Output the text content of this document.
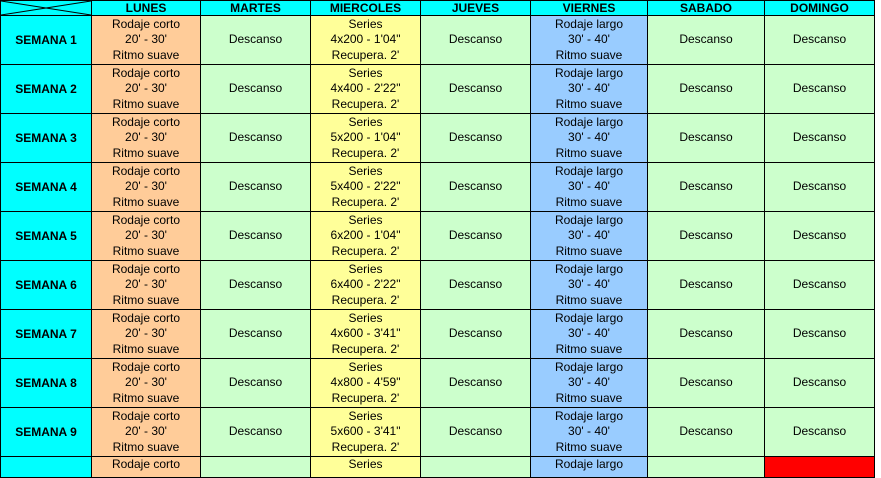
	LUNES	MARTES	MIERCOLES	JUEVES	VIERNES	SABADO	DOMINGO
SEMANA 1	Rodaje corto
20' - 30'
Ritmo suave	Descanso	Series
4x200 - 1'04"
Recupera. 2'	Descanso	Rodaje largo
30' - 40'
Ritmo suave	Descanso	Descanso
SEMANA 2	Rodaje corto
20' - 30'
Ritmo suave	Descanso	Series
4x400 - 2'22"
Recupera. 2'	Descanso	Rodaje largo
30' - 40'
Ritmo suave	Descanso	Descanso
SEMANA 3	Rodaje corto
20' - 30'
Ritmo suave	Descanso	Series
5x200 - 1'04"
Recupera. 2'	Descanso	Rodaje largo
30' - 40'
Ritmo suave	Descanso	Descanso
SEMANA 4	Rodaje corto
20' - 30'
Ritmo suave	Descanso	Series
5x400 - 2'22"
Recupera. 2'	Descanso	Rodaje largo
30' - 40'
Ritmo suave	Descanso	Descanso
SEMANA 5	Rodaje corto
20' - 30'
Ritmo suave	Descanso	Series
6x200 - 1'04"
Recupera. 2'	Descanso	Rodaje largo
30' - 40'
Ritmo suave	Descanso	Descanso
SEMANA 6	Rodaje corto
20' - 30'
Ritmo suave	Descanso	Series
6x400 - 2'22"
Recupera. 2'	Descanso	Rodaje largo
30' - 40'
Ritmo suave	Descanso	Descanso
SEMANA 7	Rodaje corto
20' - 30'
Ritmo suave	Descanso	Series
4x600 - 3'41"
Recupera. 2'	Descanso	Rodaje largo
30' - 40'
Ritmo suave	Descanso	Descanso
SEMANA 8	Rodaje corto
20' - 30'
Ritmo suave	Descanso	Series
4x800 - 4'59"
Recupera. 2'	Descanso	Rodaje largo
30' - 40'
Ritmo suave	Descanso	Descanso
SEMANA 9	Rodaje corto
20' - 30'
Ritmo suave	Descanso	Series
5x600 - 3'41"
Recupera. 2'	Descanso	Rodaje largo
30' - 40'
Ritmo suave	Descanso	Descanso
	Rodaje corto		Series		Rodaje largo		
